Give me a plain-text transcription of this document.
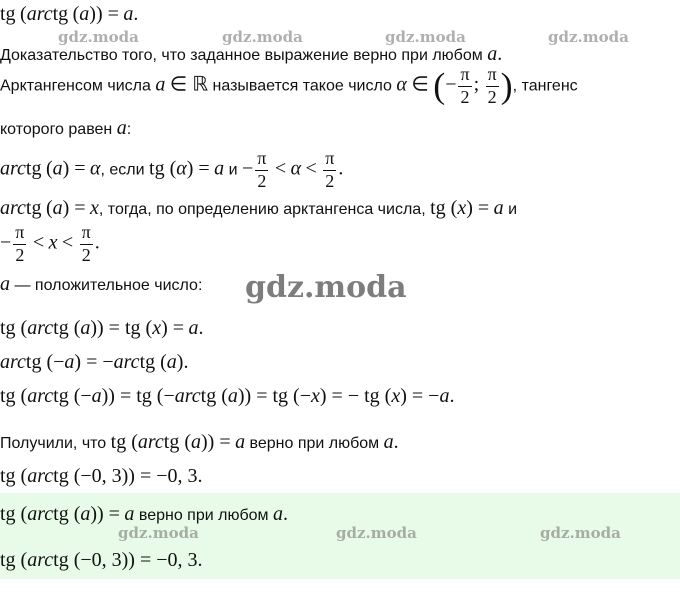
tg (arctg (a)) = a.
Доказательство того, что заданное выражение верно при любом a.
Арктангенсом числа a ∈ ℝ называется такое число α ∈ (− $\frac{\pi}{2}$ ; $\frac{\pi}{2}$ ), тангенс
которого равен a:
arctg (a) = α, если tg (α) = a $и - \frac{\pi}{2} < \alpha < \frac{\pi}{2}$ .
arctg (a) = x, тогда, по определению арктангенса числа, tg (x) = a и
− $\frac{\pi}{2} < x < \frac{\pi}{2}$ .
a — положительное число:
tg (arctg (a)) = tg (x) = a.
arctg (−a) = −arctg (a).
tg (arctg (−a)) = tg (−arctg (a)) = tg (−x) = − tg (x) = −a.
Получили, что tg (arctg (a)) = a верно при любом a.
tg (arctg (−0, 3)) = −0, 3.
tg (arctg (a)) = a верно при любом a.
tg (arctg (−0, 3)) = −0, 3.
gdz.moda	gdz.moda	gdz.moda	gdz.moda
gdz.moda
gdz.moda	gdz.moda	gdz.moda
